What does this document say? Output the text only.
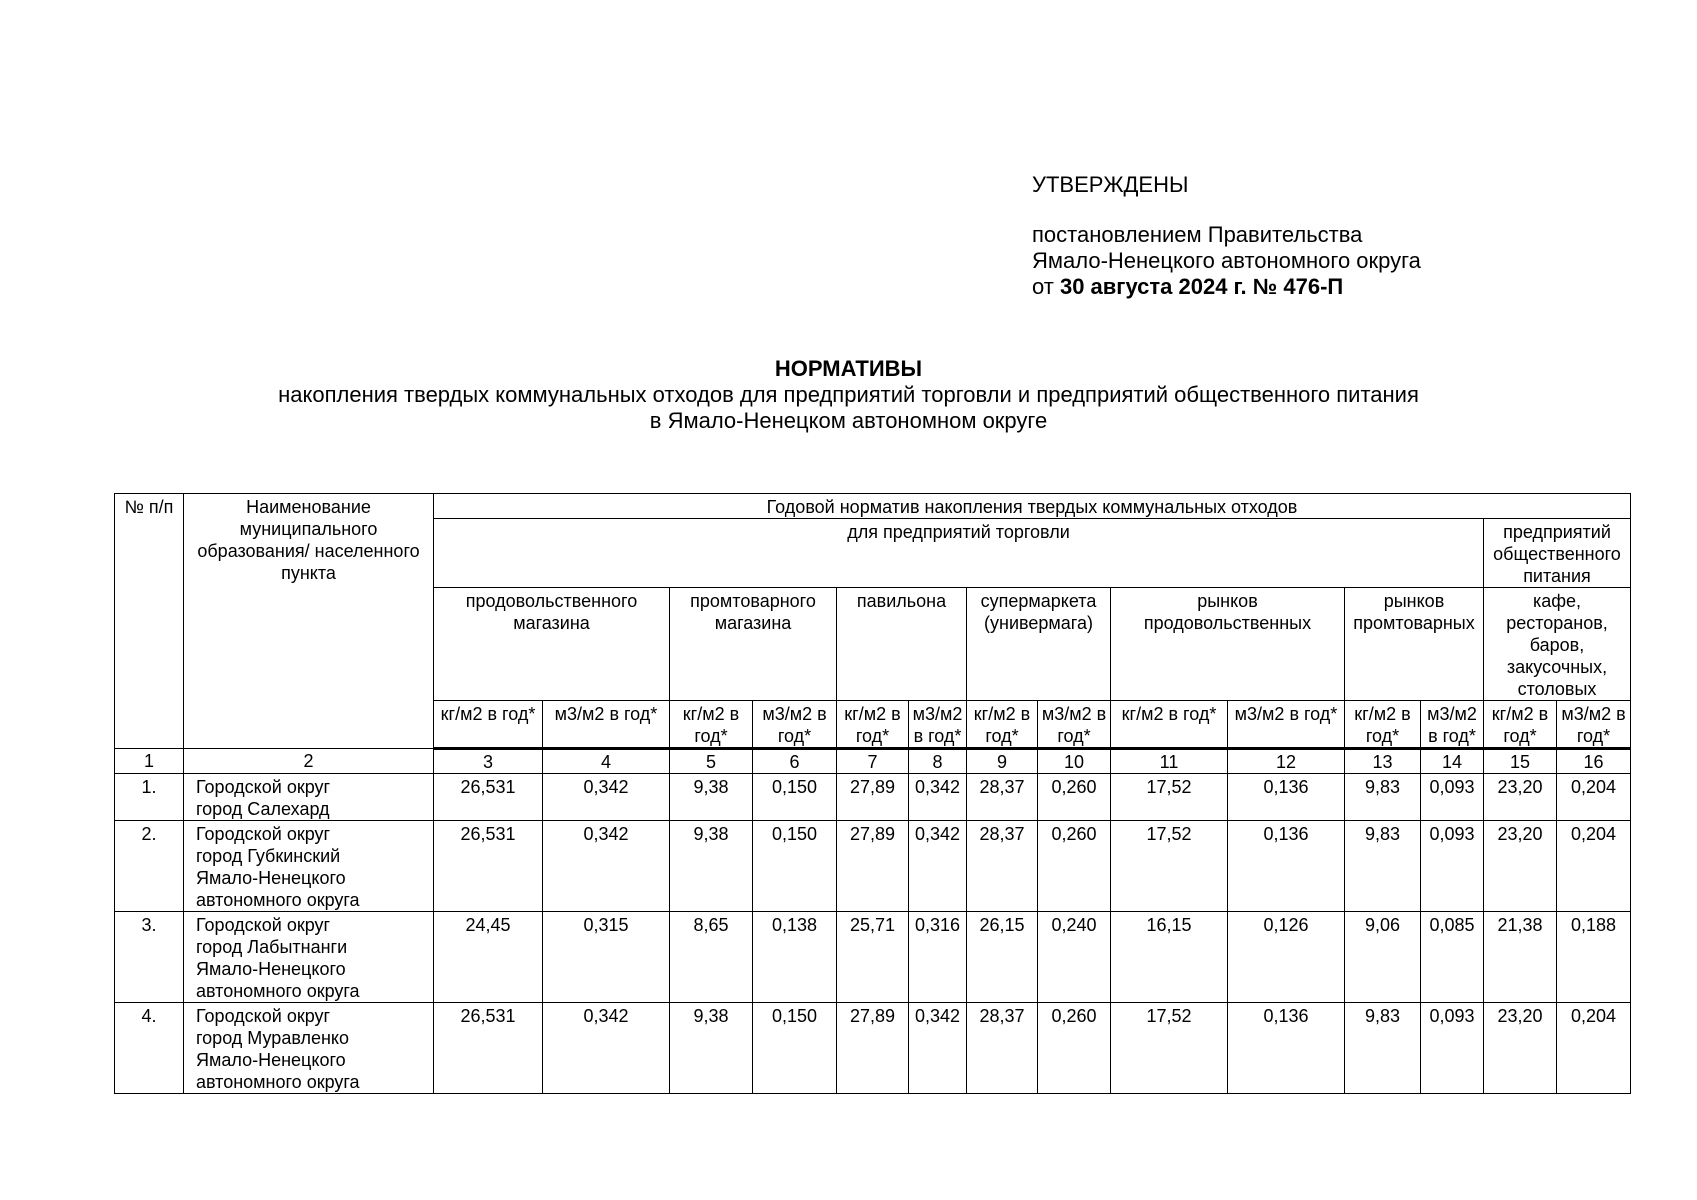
УТВЕРЖДЕНЫ
постановлением Правительства
Ямало-Ненецкого автономного округа
от 30 августа 2024 г. № 476-П
НОРМАТИВЫ
накопления твердых коммунальных отходов для предприятий торговли и предприятий общественного питания
в Ямало-Ненецком автономном округе
№ п/п	Наименование муниципального образования/ населенного пункта	Годовой норматив накопления твердых коммунальных отходов													
		для предприятий торговли												предприятий общественного питания	
		продовольственного магазина		промтоварного магазина		павильона		супермаркета (универмага)		рынков продовольственных		рынков промтоварных		кафе, ресторанов, баров, закусочных, столовых	
		кг/м2 в год*	м3/м2 в год*	кг/м2 в год*	м3/м2 в год*	кг/м2 в год*	м3/м2 в год*	кг/м2 в год*	м3/м2 в год*	кг/м2 в год*	м3/м2 в год*	кг/м2 в год*	м3/м2 в год*	кг/м2 в год*	м3/м2 в год*
1	2	3	4	5	6	7	8	9	10	11	12	13	14	15	16
1.	Городской округ
город Салехард	26,531	0,342	9,38	0,150	27,89	0,342	28,37	0,260	17,52	0,136	9,83	0,093	23,20	0,204
2.	Городской округ
город Губкинский
Ямало-Ненецкого
автономного округа	26,531	0,342	9,38	0,150	27,89	0,342	28,37	0,260	17,52	0,136	9,83	0,093	23,20	0,204
3.	Городской округ
город Лабытнанги
Ямало-Ненецкого
автономного округа	24,45	0,315	8,65	0,138	25,71	0,316	26,15	0,240	16,15	0,126	9,06	0,085	21,38	0,188
4.	Городской округ
город Муравленко
Ямало-Ненецкого
автономного округа	26,531	0,342	9,38	0,150	27,89	0,342	28,37	0,260	17,52	0,136	9,83	0,093	23,20	0,204
